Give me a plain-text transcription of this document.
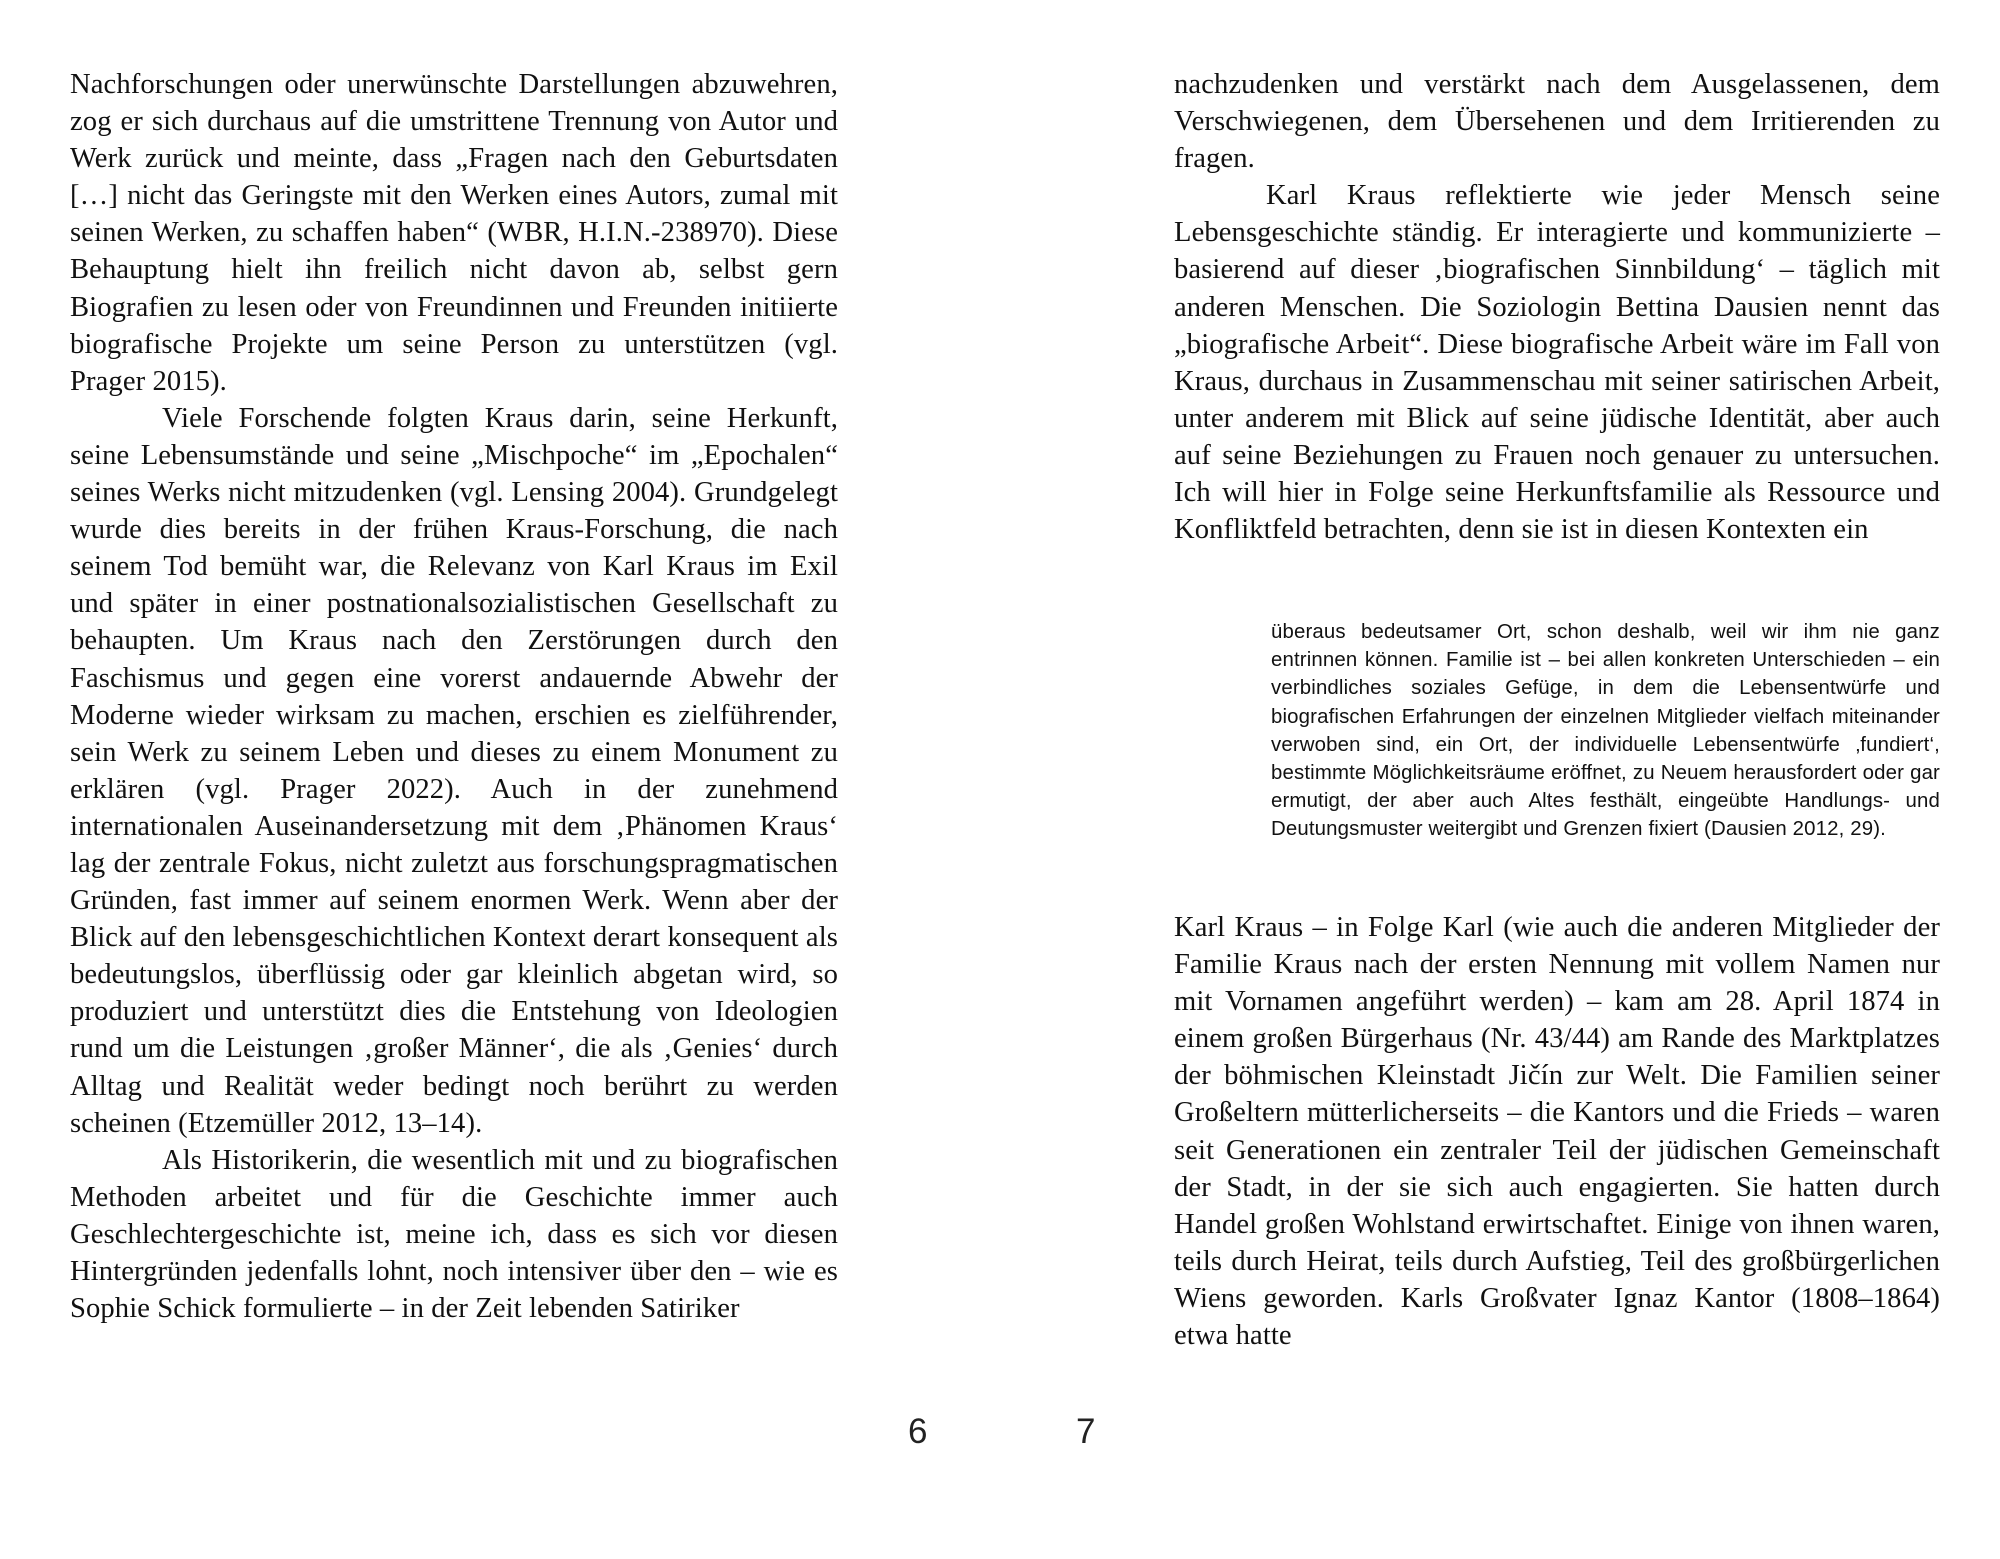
Nachforschungen oder unerwünschte Darstellungen abzuwehren, zog er sich durchaus auf die umstrittene Trennung von Autor und Werk zurück und meinte, dass „Fragen nach den Geburtsdaten […] nicht das Geringste mit den Werken eines Autors, zumal mit seinen Werken, zu schaffen haben“ (WBR, H.I.N.-238970). Diese Behauptung hielt ihn freilich nicht davon ab, selbst gern Biografien zu lesen oder von Freundinnen und Freunden initiierte biografische Projekte um seine Person zu unterstützen (vgl. Prager 2015).

Viele Forschende folgten Kraus darin, seine Herkunft, seine Lebensumstände und seine „Mischpoche“ im „Epochalen“ seines Werks nicht mitzudenken (vgl. Lensing 2004). Grundgelegt wurde dies bereits in der frühen Kraus-Forschung, die nach seinem Tod bemüht war, die Relevanz von Karl Kraus im Exil und später in einer postnationalsozialistischen Gesellschaft zu behaupten. Um Kraus nach den Zerstörungen durch den Faschismus und gegen eine vorerst andauernde Abwehr der Moderne wieder wirksam zu machen, erschien es zielführender, sein Werk zu seinem Leben und dieses zu einem Monument zu erklären (vgl. Prager 2022). Auch in der zunehmend internationalen Auseinandersetzung mit dem ‚Phänomen Kraus‘ lag der zentrale Fokus, nicht zuletzt aus forschungspragmatischen Gründen, fast immer auf seinem enormen Werk. Wenn aber der Blick auf den lebensgeschichtlichen Kontext derart konsequent als bedeutungslos, überflüssig oder gar kleinlich abgetan wird, so produziert und unterstützt dies die Entstehung von Ideologien rund um die Leistungen ‚großer Männer‘, die als ‚Genies‘ durch Alltag und Realität weder bedingt noch berührt zu werden scheinen (Etzemüller 2012, 13–14).

Als Historikerin, die wesentlich mit und zu biografischen Methoden arbeitet und für die Geschichte immer auch Geschlechtergeschichte ist, meine ich, dass es sich vor diesen Hintergründen jedenfalls lohnt, noch intensiver über den – wie es Sophie Schick formulierte – in der Zeit lebenden Satiriker

6

nachzudenken und verstärkt nach dem Ausgelassenen, dem Verschwiegenen, dem Übersehenen und dem Irritierenden zu fragen.

Karl Kraus reflektierte wie jeder Mensch seine Lebensgeschichte ständig. Er interagierte und kommunizierte – basierend auf dieser ‚biografischen Sinnbildung‘ – täglich mit anderen Menschen. Die Soziologin Bettina Dausien nennt das „biografische Arbeit“. Diese biografische Arbeit wäre im Fall von Kraus, durchaus in Zusammenschau mit seiner satirischen Arbeit, unter anderem mit Blick auf seine jüdische Identität, aber auch auf seine Beziehungen zu Frauen noch genauer zu untersuchen. Ich will hier in Folge seine Herkunftsfamilie als Ressource und Konfliktfeld betrachten, denn sie ist in diesen Kontexten ein

überaus bedeutsamer Ort, schon deshalb, weil wir ihm nie ganz entrinnen können. Familie ist – bei allen konkreten Unterschieden – ein verbindliches soziales Gefüge, in dem die Lebensentwürfe und biografischen Erfahrungen der einzelnen Mitglieder vielfach miteinander verwoben sind, ein Ort, der individuelle Lebensentwürfe ‚fundiert‘, bestimmte Möglichkeitsräume eröffnet, zu Neuem herausfordert oder gar ermutigt, der aber auch Altes festhält, eingeübte Handlungs- und Deutungsmuster weitergibt und Grenzen fixiert (Dausien 2012, 29).

Karl Kraus – in Folge Karl (wie auch die anderen Mitglieder der Familie Kraus nach der ersten Nennung mit vollem Namen nur mit Vornamen angeführt werden) – kam am 28. April 1874 in einem großen Bürgerhaus (Nr. 43/44) am Rande des Marktplatzes der böhmischen Kleinstadt Jičín zur Welt. Die Familien seiner Großeltern mütterlicherseits – die Kantors und die Frieds – waren seit Generationen ein zentraler Teil der jüdischen Gemeinschaft der Stadt, in der sie sich auch engagierten. Sie hatten durch Handel großen Wohlstand erwirtschaftet. Einige von ihnen waren, teils durch Heirat, teils durch Aufstieg, Teil des großbürgerlichen Wiens geworden. Karls Großvater Ignaz Kantor (1808–1864) etwa hatte

7
